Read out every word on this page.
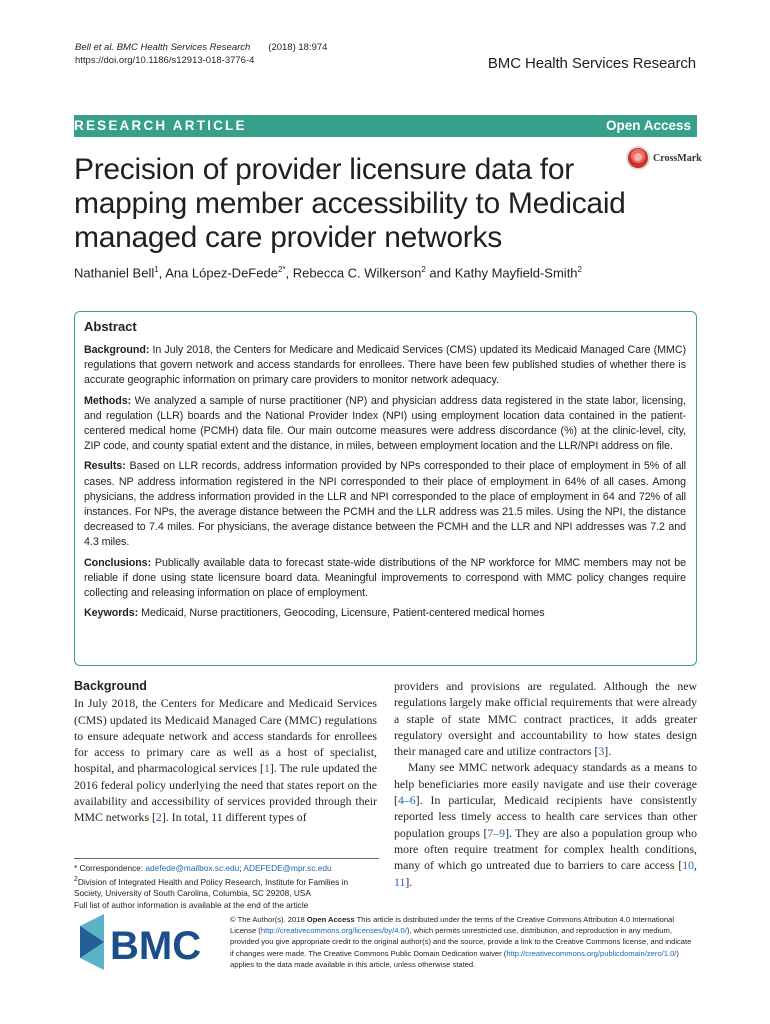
Bell et al. BMC Health Services Research (2018) 18:974
https://doi.org/10.1186/s12913-018-3776-4	BMC Health Services Research
RESEARCH ARTICLE	Open Access
CrossMark
Precision of provider licensure data for mapping member accessibility to Medicaid managed care provider networks
Nathaniel Bell$^1$, Ana López-DeFede$^{2*}$, Rebecca C. Wilkerson$^2$ and Kathy Mayfield-Smith$^2$
Abstract

Background: In July 2018, the Centers for Medicare and Medicaid Services (CMS) updated its Medicaid Managed Care (MMC) regulations that govern network and access standards for enrollees. There have been few published studies of whether there is accurate geographic information on primary care providers to monitor network adequacy.

Methods: We analyzed a sample of nurse practitioner (NP) and physician address data registered in the state labor, licensing, and regulation (LLR) boards and the National Provider Index (NPI) using employment location data contained in the patient-centered medical home (PCMH) data file. Our main outcome measures were address discordance (%) at the clinic-level, city, ZIP code, and county spatial extent and the distance, in miles, between employment location and the LLR/NPI address on file.

Results: Based on LLR records, address information provided by NPs corresponded to their place of employment in 5% of all cases. NP address information registered in the NPI corresponded to their place of employment in 64% of all cases. Among physicians, the address information provided in the LLR and NPI corresponded to the place of employment in 64 and 72% of all instances. For NPs, the average distance between the PCMH and the LLR address was 21.5 miles. Using the NPI, the distance decreased to 7.4 miles. For physicians, the average distance between the PCMH and the LLR and NPI addresses was 7.2 and 4.3 miles.

Conclusions: Publically available data to forecast state-wide distributions of the NP workforce for MMC members may not be reliable if done using state licensure board data. Meaningful improvements to correspond with MMC policy changes require collecting and releasing information on place of employment.

Keywords: Medicaid, Nurse practitioners, Geocoding, Licensure, Patient-centered medical homes

Background

In July 2018, the Centers for Medicare and Medicaid Services (CMS) updated its Medicaid Managed Care (MMC) regulations to ensure adequate network and access standards for enrollees for access to primary care as well as a host of specialist, hospital, and pharmacological services [1]. The rule updated the 2016 federal policy underlying the need that states report on the availability and accessibility of services provided through their MMC networks [2]. In total, 11 different types of

providers and provisions are regulated. Although the new regulations largely make official requirements that were already a staple of state MMC contract practices, it adds greater regulatory oversight and accountability to how states design their managed care and utilize contractors [3].

Many see MMC network adequacy standards as a means to help beneficiaries more easily navigate and use their coverage [4–6]. In particular, Medicaid recipients have consistently reported less timely access to health care services than other population groups [7–9]. They are also a population group who more often require treatment for complex health conditions, many of which go untreated due to barriers to care access [10, 11].

* Correspondence: adefede@mailbox.sc.edu; ADEFEDE@mpr.sc.edu
$^2$Division of Integrated Health and Policy Research, Institute for Families in Society, University of South Carolina, Columbia, SC 29208, USA
Full list of author information is available at the end of the article
BMC
© The Author(s). 2018 Open Access This article is distributed under the terms of the Creative Commons Attribution 4.0 International License (http://creativecommons.org/licenses/by/4.0/), which permits unrestricted use, distribution, and reproduction in any medium, provided you give appropriate credit to the original author(s) and the source, provide a link to the Creative Commons license, and indicate if changes were made. The Creative Commons Public Domain Dedication waiver (http://creativecommons.org/publicdomain/zero/1.0/) applies to the data made available in this article, unless otherwise stated.
